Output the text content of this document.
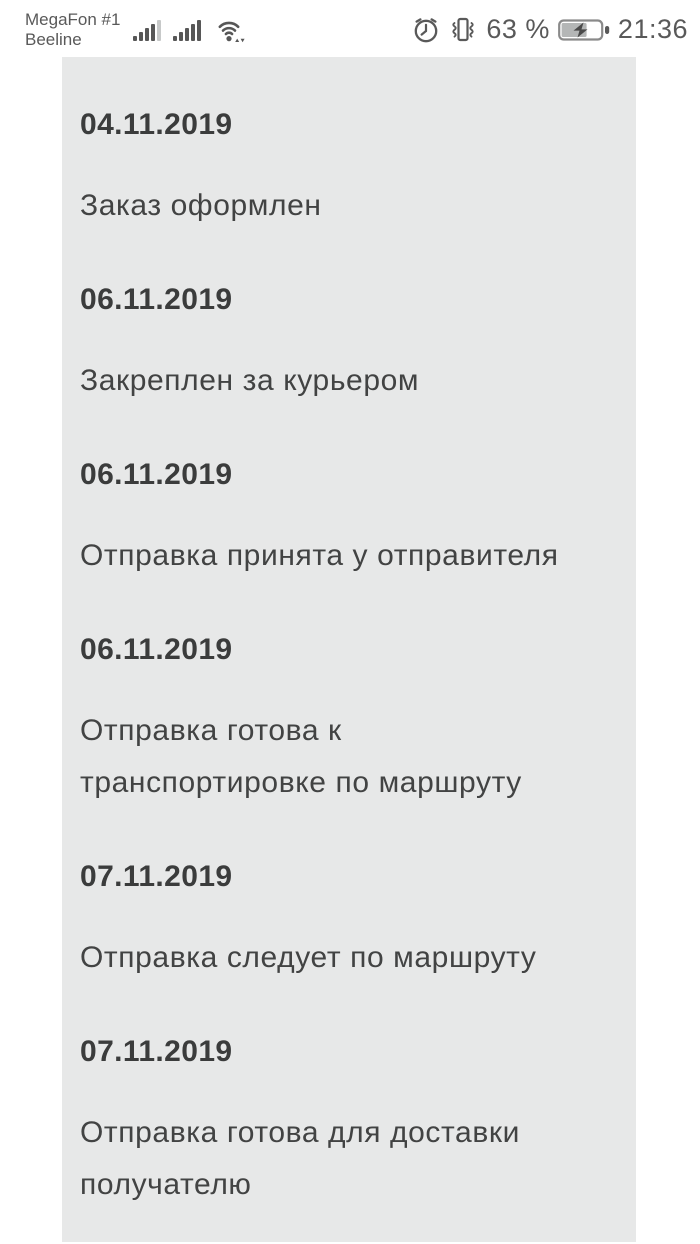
MegaFon #1
Beeline	63 %	21:36
04.11.2019
Заказ оформлен
06.11.2019
Закреплен за курьером
06.11.2019
Отправка принята у отправителя
06.11.2019
Отправка готова к транспортировке по маршруту
07.11.2019
Отправка следует по маршруту
07.11.2019
Отправка готова для доставки получателю
